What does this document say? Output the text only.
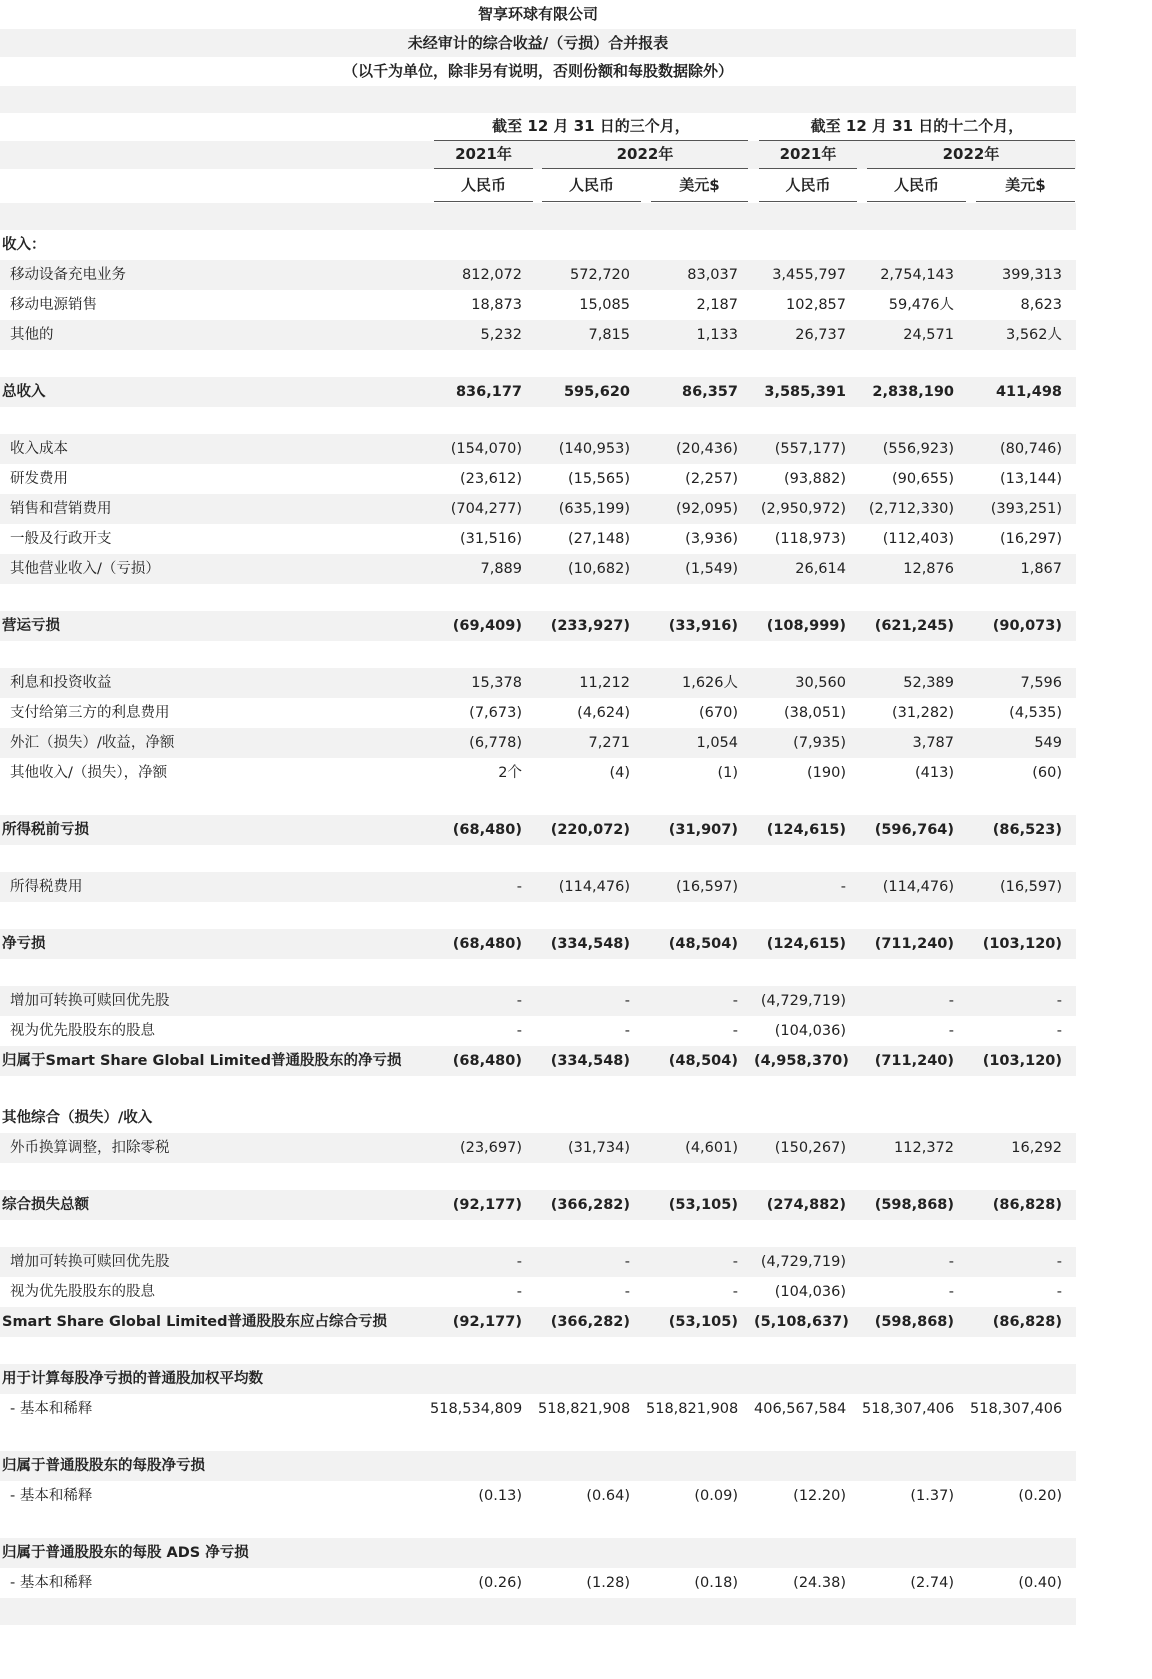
智享环球有限公司
未经审计的综合收益/（亏损）合并报表
（以千为单位，除非另有说明，否则份额和每股数据除外）
截至 12 月 31 日的三个月，	截至 12 月 31 日的十二个月，
2021年	2022年	2021年	2022年
人民币	人民币	美元$	人民币	人民币	美元$
收入：
移动设备充电业务	812,072	572,720	83,037	3,455,797	2,754,143	399,313
移动电源销售	18,873	15,085	2,187	102,857	59,476人	8,623
其他的	5,232	7,815	1,133	26,737	24,571	3,562人
总收入	836,177	595,620	86,357	3,585,391	2,838,190	411,498
收入成本	(154,070)	(140,953)	(20,436)	(557,177)	(556,923)	(80,746)
研发费用	(23,612)	(15,565)	(2,257)	(93,882)	(90,655)	(13,144)
销售和营销费用	(704,277)	(635,199)	(92,095)	(2,950,972)	(2,712,330)	(393,251)
一般及行政开支	(31,516)	(27,148)	(3,936)	(118,973)	(112,403)	(16,297)
其他营业收入/（亏损）	7,889	(10,682)	(1,549)	26,614	12,876	1,867
营运亏损	(69,409)	(233,927)	(33,916)	(108,999)	(621,245)	(90,073)
利息和投资收益	15,378	11,212	1,626人	30,560	52,389	7,596
支付给第三方的利息费用	(7,673)	(4,624)	(670)	(38,051)	(31,282)	(4,535)
外汇（损失）/收益，净额	(6,778)	7,271	1,054	(7,935)	3,787	549
其他收入/（损失），净额	2个	(4)	(1)	(190)	(413)	(60)
所得税前亏损	(68,480)	(220,072)	(31,907)	(124,615)	(596,764)	(86,523)
所得税费用	-	(114,476)	(16,597)	-	(114,476)	(16,597)
净亏损	(68,480)	(334,548)	(48,504)	(124,615)	(711,240)	(103,120)
增加可转换可赎回优先股	-	-	-	(4,729,719)	-	-
视为优先股股东的股息	-	-	-	(104,036)	-	-
归属于Smart Share Global Limited普通股股东的净亏损	(68,480)	(334,548)	(48,504) (4,958,370)	(711,240)	(103,120)
其他综合（损失）/收入
外币换算调整，扣除零税	(23,697)	(31,734)	(4,601)	(150,267)	112,372	16,292
综合损失总额	(92,177)	(366,282)	(53,105)	(274,882)	(598,868)	(86,828)
增加可转换可赎回优先股	-	-	-	(4,729,719)	-	-
视为优先股股东的股息	-	-	-	(104,036)	-	-
Smart Share Global Limited普通股股东应占综合亏损	(92,177)	(366,282)	(53,105) (5,108,637)	(598,868)	(86,828)
用于计算每股净亏损的普通股加权平均数
- 基本和稀释	518,534,809 518,821,908 518,821,908 406,567,584 518,307,406 518,307,406
归属于普通股股东的每股净亏损
- 基本和稀释	(0.13)	(0.64)	(0.09)	(12.20)	(1.37)	(0.20)
归属于普通股股东的每股 ADS 净亏损
- 基本和稀释	(0.26)	(1.28)	(0.18)	(24.38)	(2.74)	(0.40)
